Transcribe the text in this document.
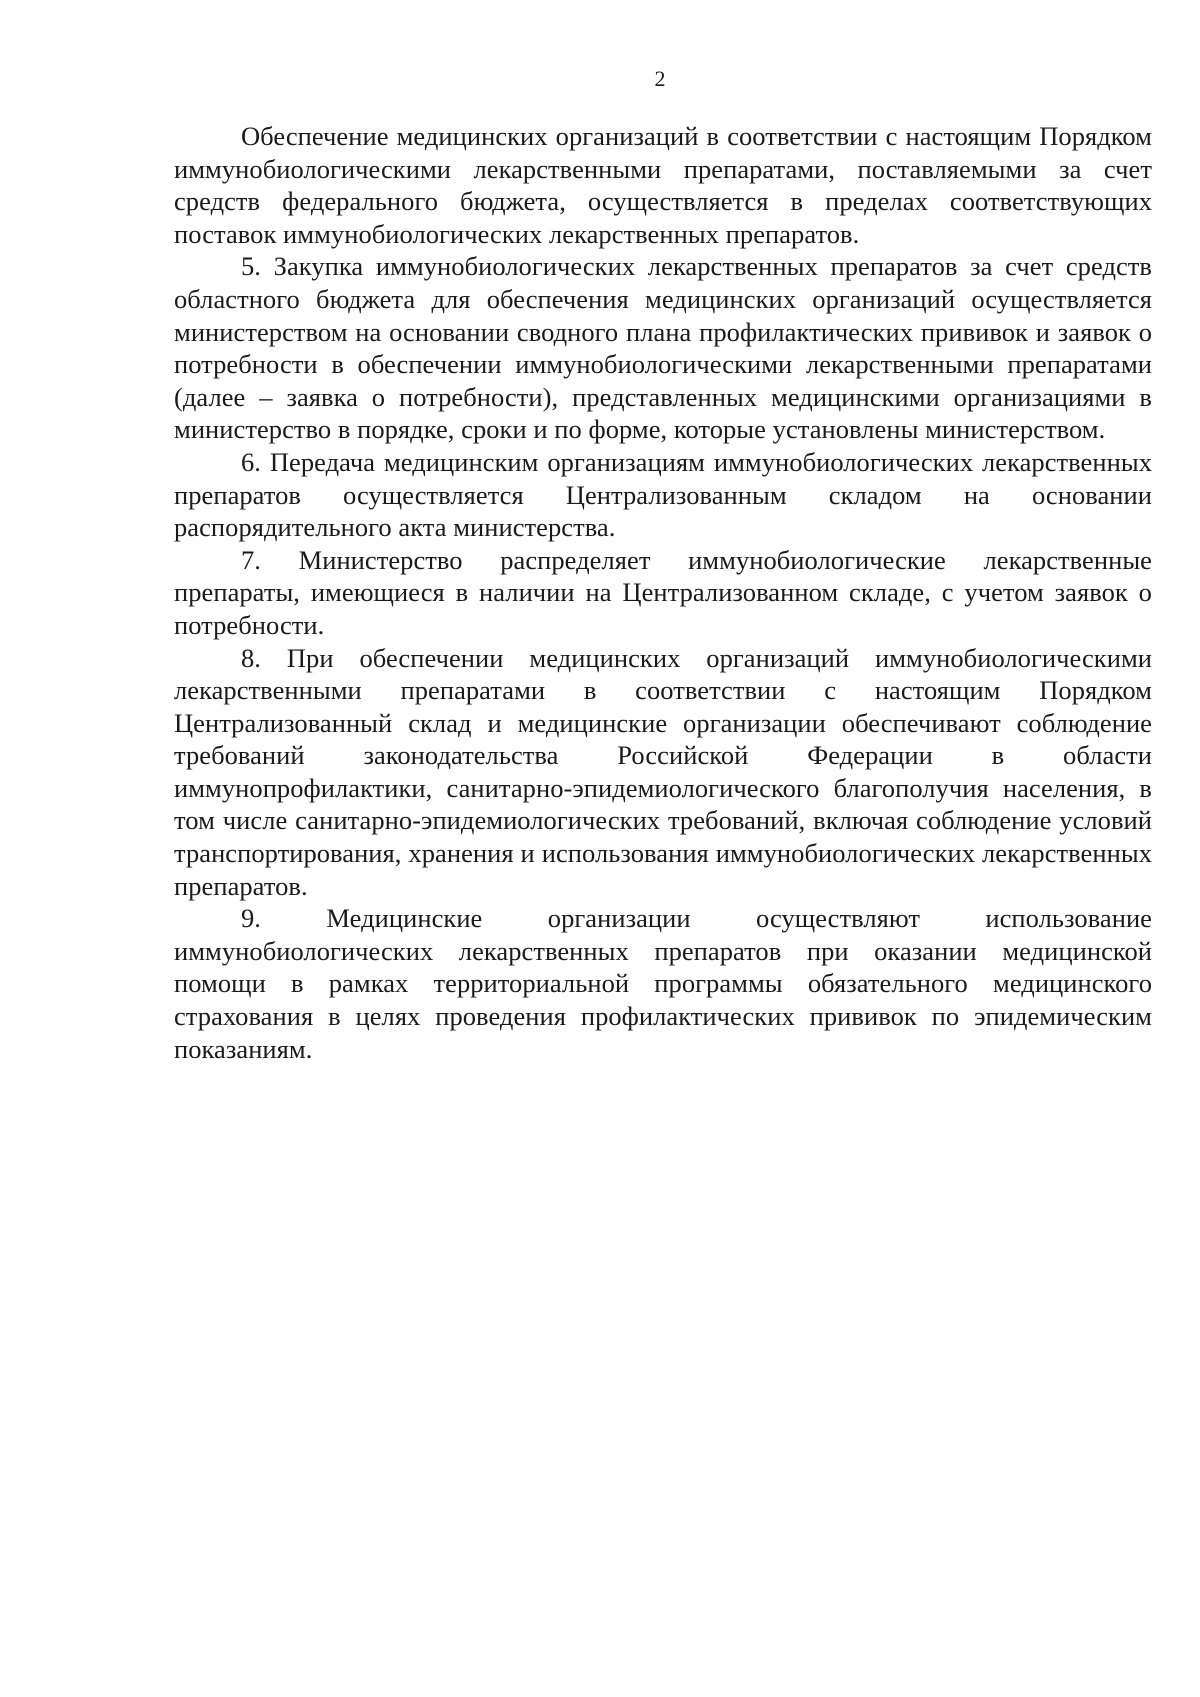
2

Обеспечение медицинских организаций в соответствии с настоящим Порядком иммунобиологическими лекарственными препаратами, поставляемыми за счет средств федерального бюджета, осуществляется в пределах соответствующих поставок иммунобиологических лекарственных препаратов.

5. Закупка иммунобиологических лекарственных препаратов за счет средств областного бюджета для обеспечения медицинских организаций осуществляется министерством на основании сводного плана профилактических прививок и заявок о потребности в обеспечении иммунобиологическими лекарственными препаратами (далее – заявка о потребности), представленных медицинскими организациями в министерство в порядке, сроки и по форме, которые установлены министерством.

6. Передача медицинским организациям иммунобиологических лекарственных препаратов осуществляется Централизованным складом на основании распорядительного акта министерства.

7. Министерство распределяет иммунобиологические лекарственные препараты, имеющиеся в наличии на Централизованном складе, с учетом заявок о потребности.

8. При обеспечении медицинских организаций иммунобиологическими лекарственными препаратами в соответствии с настоящим Порядком Централизованный склад и медицинские организации обеспечивают соблюдение требований законодательства Российской Федерации в области иммунопрофилактики, санитарно-эпидемиологического благополучия населения, в том числе санитарно-эпидемиологических требований, включая соблюдение условий транспортирования, хранения и использования иммунобиологических лекарственных препаратов.

9. Медицинские организации осуществляют использование иммунобиологических лекарственных препаратов при оказании медицинской помощи в рамках территориальной программы обязательного медицинского страхования в целях проведения профилактических прививок по эпидемическим показаниям.
